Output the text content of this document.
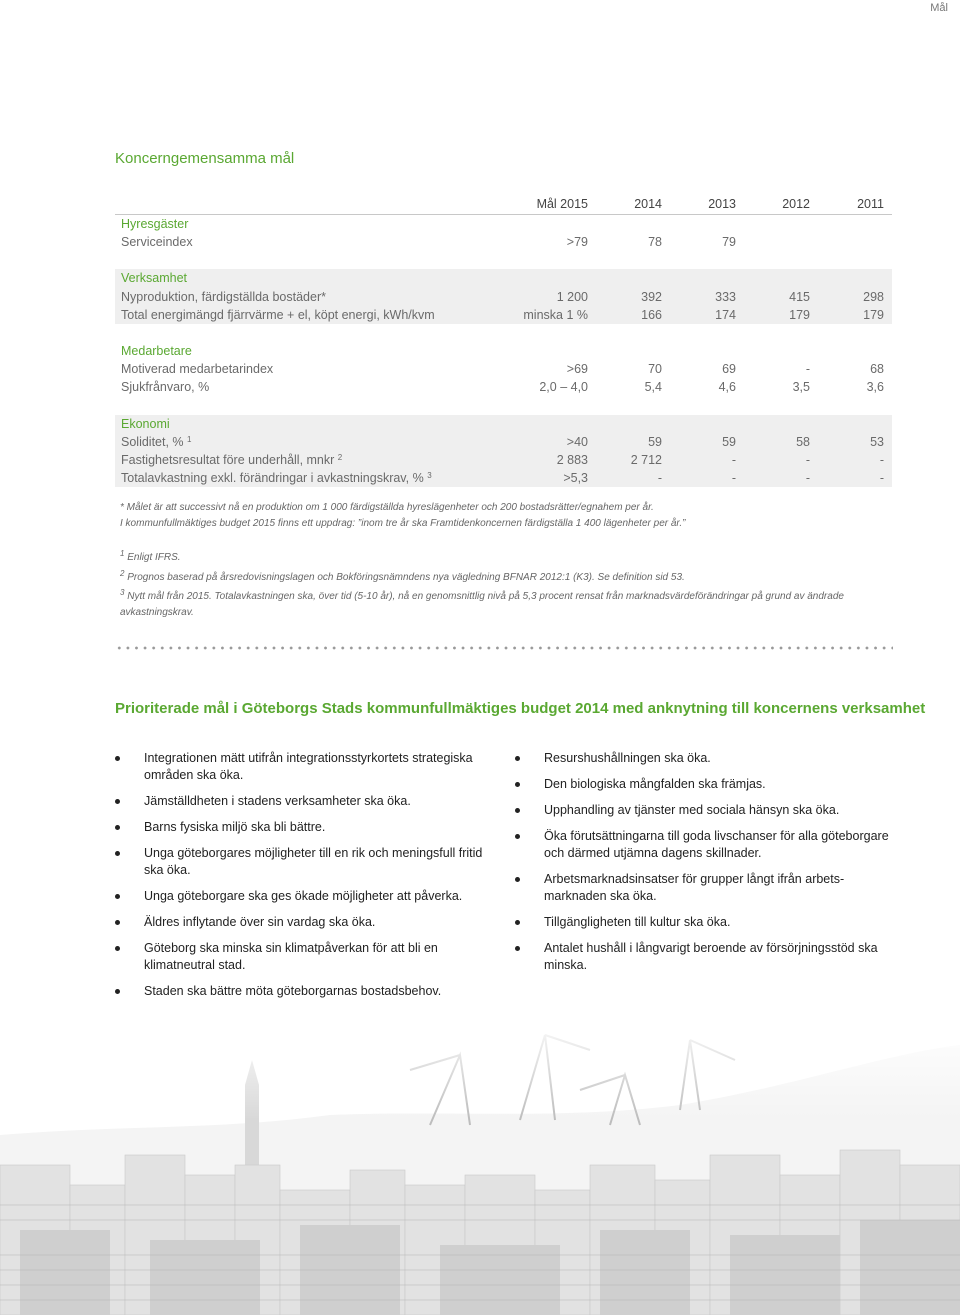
Mål
Koncerngemensamma mål
Mål 2015	2014	2013	2012	2011
Hyresgäster
Serviceindex	>79	78	79
Verksamhet
Nyproduktion, färdigställda bostäder*	1 200	392	333	415	298
Total energimängd fjärrvärme + el, köpt energi, kWh/kvm	minska 1 %	166	174	179	179
Medarbetare
Motiverad medarbetarindex	>69	70	69	-	68
Sjukfrånvaro, %	2,0 – 4,0	5,4	4,6	3,5	3,6
Ekonomi
Soliditet, % $^1$	>40	59	59	58	53
Fastighetsresultat före underhåll, mnkr $^2$	2 883	2 712	-	-	-
Totalavkastning exkl. förändringar i avkastningskrav, % $^3$	>5,3	-	-	-	-

* Målet är att successivt nå en produktion om 1 000 färdigställda hyreslägenheter och 200 bostadsrätter/egnahem per år.

I kommunfullmäktiges budget 2015 finns ett uppdrag: ”inom tre år ska Framtidenkoncernen färdigställa 1 400 lägenheter per år.”

$^1$ Enligt IFRS.

$^2$ Prognos baserad på årsredovisningslagen och Bokföringsnämndens nya vägledning BFNAR 2012:1 (K3). Se definition sid 53.

$^3$ Nytt mål från 2015. Totalavkastningen ska, över tid (5-10 år), nå en genomsnittlig nivå på 5,3 procent rensat från marknadsvärdeförändringar på grund av ändrade avkastningskrav.

Prioriterade mål i Göteborgs Stads kommunfullmäktiges budget 2014 med anknytning till koncernens verksamhet
Integrationen mätt utifrån integrationsstyrkortets strategiska områden ska öka.
Jämställdheten i stadens verksamheter ska öka.
Barns fysiska miljö ska bli bättre.
Unga göteborgares möjligheter till en rik och meningsfull fritid ska öka.
Unga göteborgare ska ges ökade möjligheter att påverka.
Äldres inflytande över sin vardag ska öka.
Göteborg ska minska sin klimatpåverkan för att bli en klimatneutral stad.
Staden ska bättre möta göteborgarnas bostadsbehov.
Resurshushållningen ska öka.
Den biologiska mångfalden ska främjas.
Upphandling av tjänster med sociala hänsyn ska öka.
Öka förutsättningarna till goda livschanser för alla göteborgare och därmed utjämna dagens skillnader.
Arbetsmarknadsinsatser för grupper långt ifrån arbets-marknaden ska öka.
Tillgängligheten till kultur ska öka.
Antalet hushåll i långvarigt beroende av försörjningsstöd ska minska.
